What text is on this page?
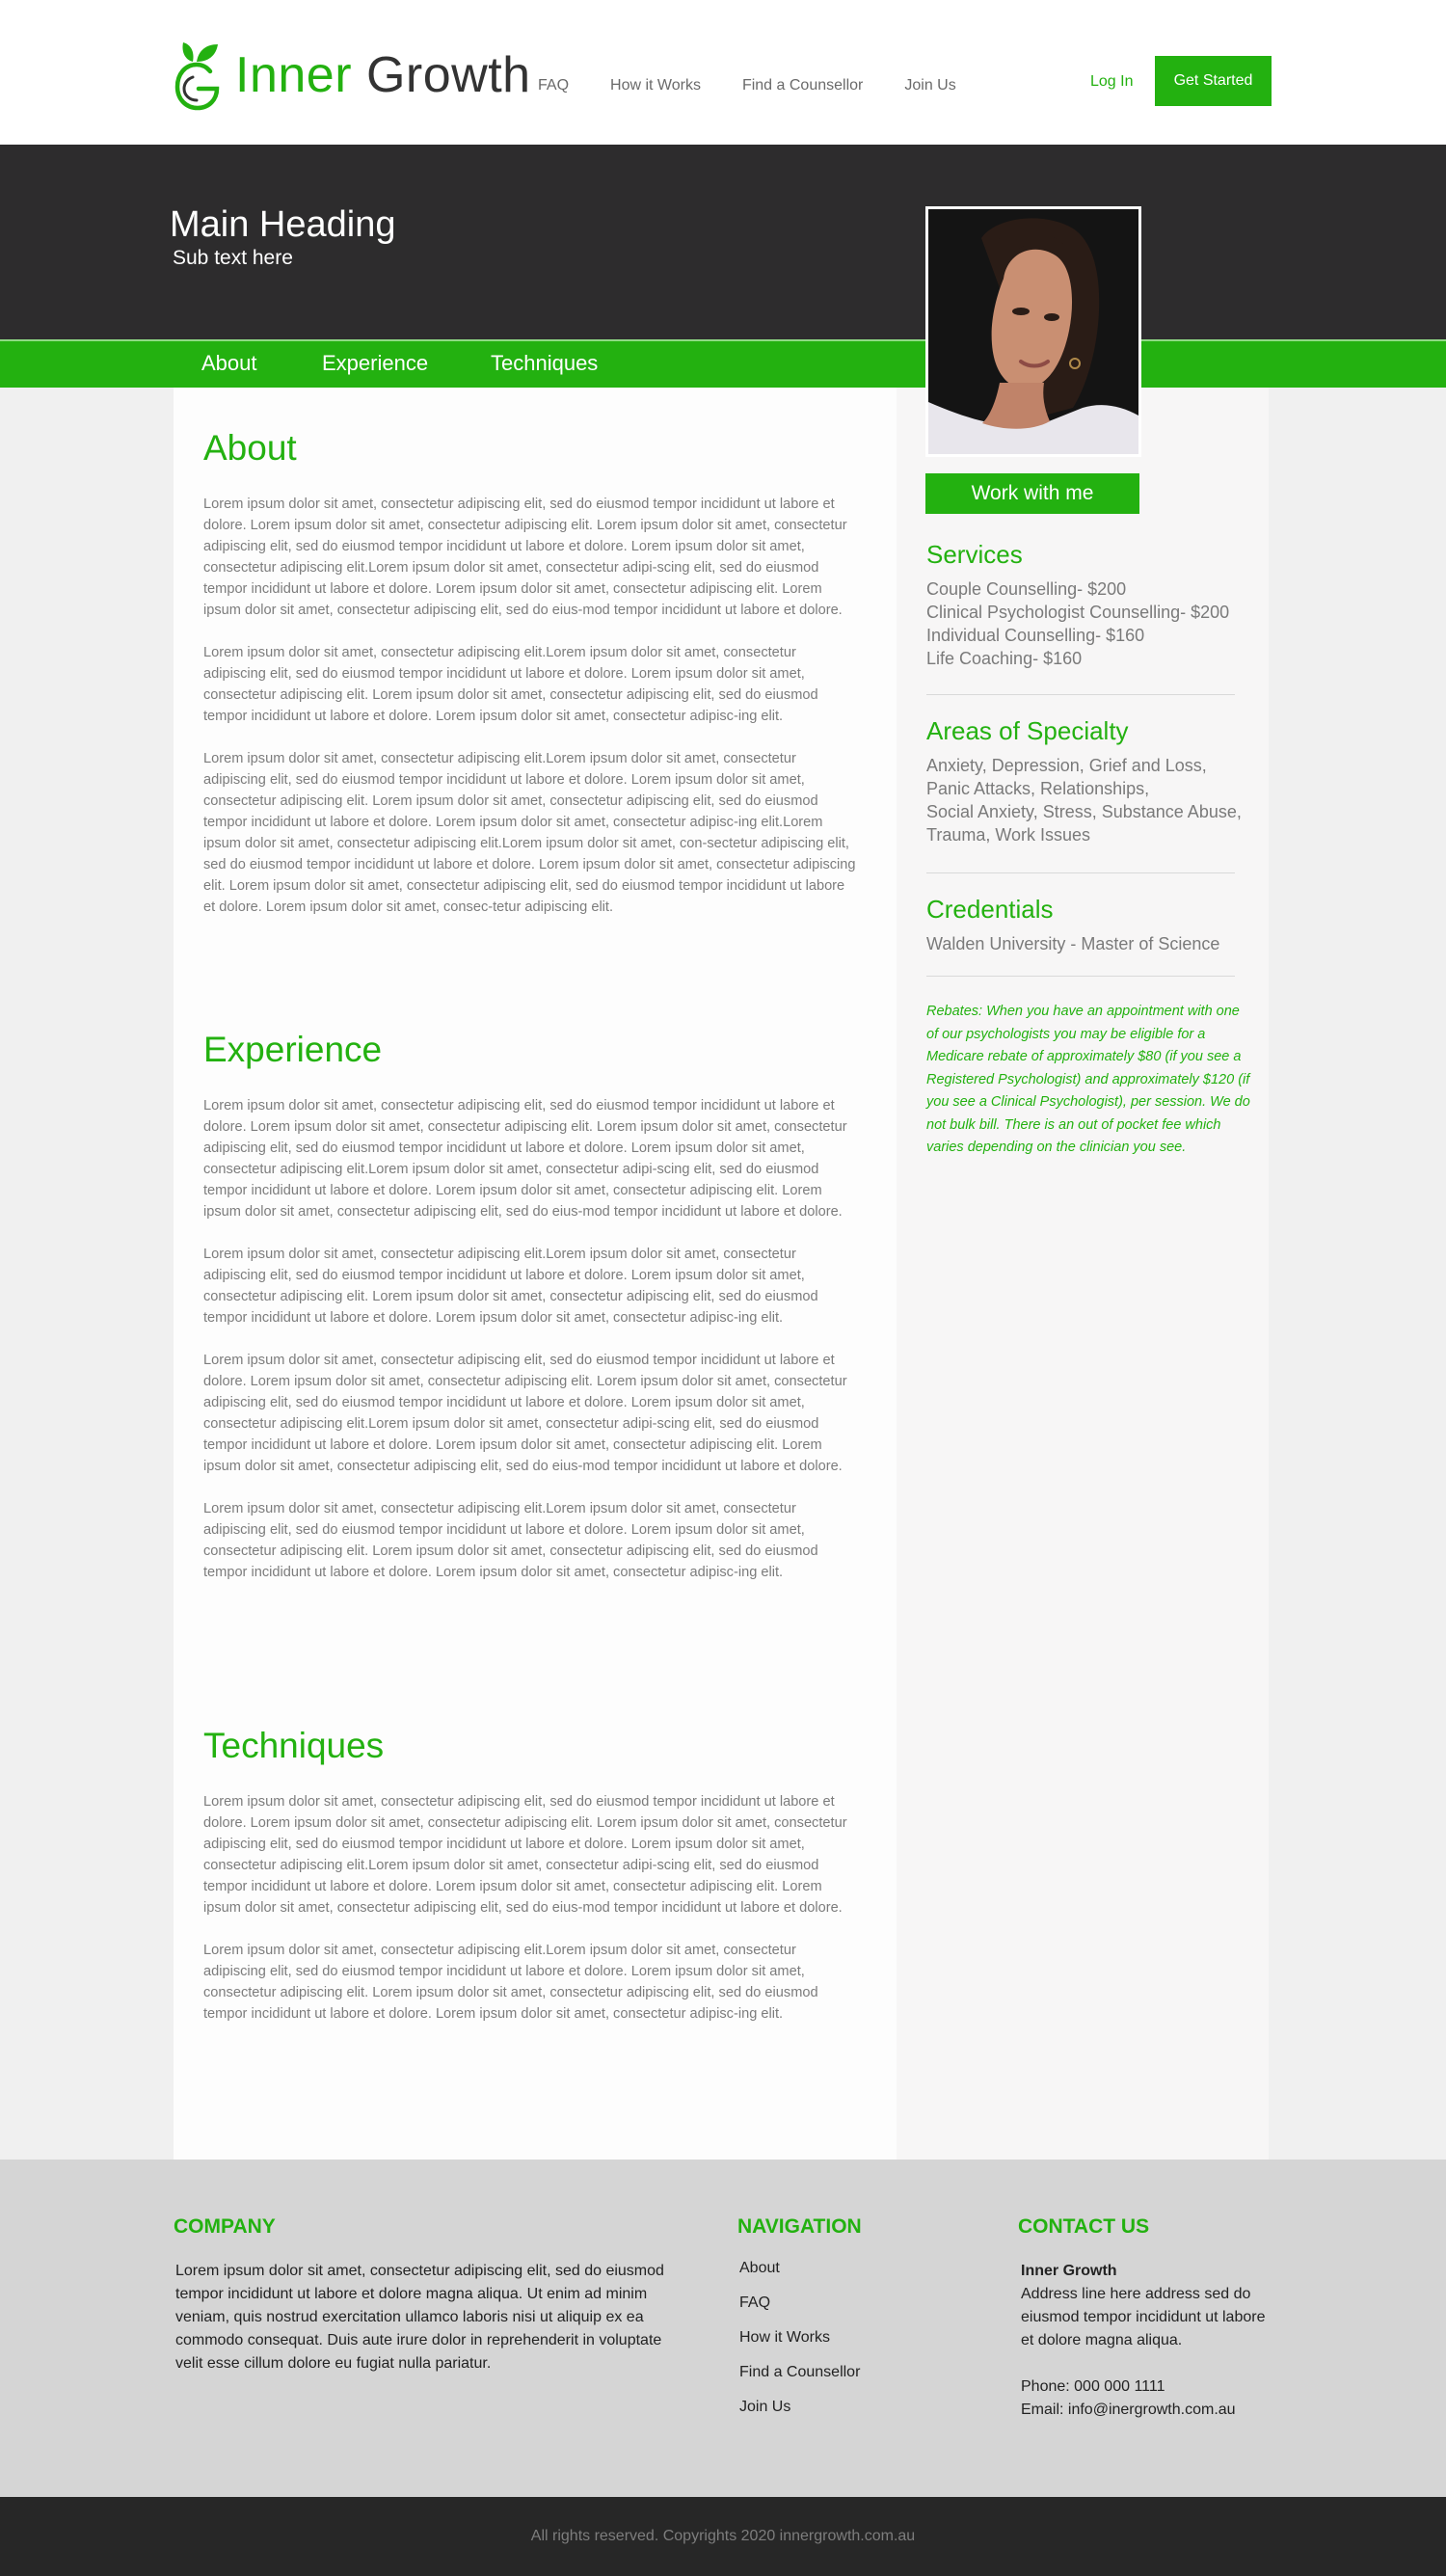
Inner Growth FAQ	How it Works	Find a Counsellor	Join Us	Log In	Get Started
Main Heading
Sub text here
About	Experience	Techniques
About

Lorem ipsum dolor sit amet, consectetur adipiscing elit, sed do eiusmod tempor incididunt ut labore et dolore. Lorem ipsum dolor sit amet, consectetur adipiscing elit. Lorem ipsum dolor sit amet, consectetur adipiscing elit, sed do eiusmod tempor incididunt ut labore et dolore. Lorem ipsum dolor sit amet, consectetur adipiscing elit.Lorem ipsum dolor sit amet, consectetur adipi-scing elit, sed do eiusmod tempor incididunt ut labore et dolore. Lorem ipsum dolor sit amet, consectetur adipiscing elit. Lorem ipsum dolor sit amet, consectetur adipiscing elit, sed do eius-mod tempor incididunt ut labore et dolore.

Lorem ipsum dolor sit amet, consectetur adipiscing elit.Lorem ipsum dolor sit amet, consectetur adipiscing elit, sed do eiusmod tempor incididunt ut labore et dolore. Lorem ipsum dolor sit amet, consectetur adipiscing elit. Lorem ipsum dolor sit amet, consectetur adipiscing elit, sed do eiusmod tempor incididunt ut labore et dolore. Lorem ipsum dolor sit amet, consectetur adipisc-ing elit.

Lorem ipsum dolor sit amet, consectetur adipiscing elit.Lorem ipsum dolor sit amet, consectetur adipiscing elit, sed do eiusmod tempor incididunt ut labore et dolore. Lorem ipsum dolor sit amet, consectetur adipiscing elit. Lorem ipsum dolor sit amet, consectetur adipiscing elit, sed do eiusmod tempor incididunt ut labore et dolore. Lorem ipsum dolor sit amet, consectetur adipisc-ing elit.Lorem ipsum dolor sit amet, consectetur adipiscing elit.Lorem ipsum dolor sit amet, con-sectetur adipiscing elit, sed do eiusmod tempor incididunt ut labore et dolore. Lorem ipsum dolor sit amet, consectetur adipiscing elit. Lorem ipsum dolor sit amet, consectetur adipiscing elit, sed do eiusmod tempor incididunt ut labore et dolore. Lorem ipsum dolor sit amet, consec-tetur adipiscing elit.

Experience

Lorem ipsum dolor sit amet, consectetur adipiscing elit, sed do eiusmod tempor incididunt ut labore et dolore. Lorem ipsum dolor sit amet, consectetur adipiscing elit. Lorem ipsum dolor sit amet, consectetur adipiscing elit, sed do eiusmod tempor incididunt ut labore et dolore. Lorem ipsum dolor sit amet, consectetur adipiscing elit.Lorem ipsum dolor sit amet, consectetur adipi-scing elit, sed do eiusmod tempor incididunt ut labore et dolore. Lorem ipsum dolor sit amet, consectetur adipiscing elit. Lorem ipsum dolor sit amet, consectetur adipiscing elit, sed do eius-mod tempor incididunt ut labore et dolore.

Lorem ipsum dolor sit amet, consectetur adipiscing elit.Lorem ipsum dolor sit amet, consectetur adipiscing elit, sed do eiusmod tempor incididunt ut labore et dolore. Lorem ipsum dolor sit amet, consectetur adipiscing elit. Lorem ipsum dolor sit amet, consectetur adipiscing elit, sed do eiusmod tempor incididunt ut labore et dolore. Lorem ipsum dolor sit amet, consectetur adipisc-ing elit.

Lorem ipsum dolor sit amet, consectetur adipiscing elit, sed do eiusmod tempor incididunt ut labore et dolore. Lorem ipsum dolor sit amet, consectetur adipiscing elit. Lorem ipsum dolor sit amet, consectetur adipiscing elit, sed do eiusmod tempor incididunt ut labore et dolore. Lorem ipsum dolor sit amet, consectetur adipiscing elit.Lorem ipsum dolor sit amet, consectetur adipi-scing elit, sed do eiusmod tempor incididunt ut labore et dolore. Lorem ipsum dolor sit amet, consectetur adipiscing elit. Lorem ipsum dolor sit amet, consectetur adipiscing elit, sed do eius-mod tempor incididunt ut labore et dolore.

Lorem ipsum dolor sit amet, consectetur adipiscing elit.Lorem ipsum dolor sit amet, consectetur adipiscing elit, sed do eiusmod tempor incididunt ut labore et dolore. Lorem ipsum dolor sit amet, consectetur adipiscing elit. Lorem ipsum dolor sit amet, consectetur adipiscing elit, sed do eiusmod tempor incididunt ut labore et dolore. Lorem ipsum dolor sit amet, consectetur adipisc-ing elit.

Techniques

Lorem ipsum dolor sit amet, consectetur adipiscing elit, sed do eiusmod tempor incididunt ut labore et dolore. Lorem ipsum dolor sit amet, consectetur adipiscing elit. Lorem ipsum dolor sit amet, consectetur adipiscing elit, sed do eiusmod tempor incididunt ut labore et dolore. Lorem ipsum dolor sit amet, consectetur adipiscing elit.Lorem ipsum dolor sit amet, consectetur adipi-scing elit, sed do eiusmod tempor incididunt ut labore et dolore. Lorem ipsum dolor sit amet, consectetur adipiscing elit. Lorem ipsum dolor sit amet, consectetur adipiscing elit, sed do eius-mod tempor incididunt ut labore et dolore.

Lorem ipsum dolor sit amet, consectetur adipiscing elit.Lorem ipsum dolor sit amet, consectetur adipiscing elit, sed do eiusmod tempor incididunt ut labore et dolore. Lorem ipsum dolor sit amet, consectetur adipiscing elit. Lorem ipsum dolor sit amet, consectetur adipiscing elit, sed do eiusmod tempor incididunt ut labore et dolore. Lorem ipsum dolor sit amet, consectetur adipisc-ing elit.

Work with me
Services
Couple Counselling- $200
Clinical Psychologist Counselling- $200
Individual Counselling- $160
Life Coaching- $160
Areas of Specialty
Anxiety, Depression, Grief and Loss,
Panic Attacks, Relationships,
Social Anxiety, Stress, Substance Abuse,
Trauma, Work Issues
Credentials
Walden University - Master of Science
Rebates: When you have an appointment with one of our psychologists you may be eligible for a Medicare rebate of approximately $80 (if you see a Registered Psychologist) and approximately $120 (if you see a Clinical Psychologist), per session. We do not bulk bill. There is an out of pocket fee which varies depending on the clinician you see.
COMPANY
Lorem ipsum dolor sit amet, consectetur adipiscing elit, sed do eiusmod tempor incididunt ut labore et dolore magna aliqua. Ut enim ad minim veniam, quis nostrud exercitation ullamco laboris nisi ut aliquip ex ea commodo consequat. Duis aute irure dolor in reprehenderit in voluptate velit esse cillum dolore eu fugiat nulla pariatur.
NAVIGATION
About
FAQ
How it Works
Find a Counsellor
Join Us
CONTACT US
Inner Growth
Address line here address sed do eiusmod tempor incididunt ut labore et dolore magna aliqua.
Phone: 000 000 1111
Email: info@inergrowth.com.au
All rights reserved. Copyrights 2020 innergrowth.com.au
